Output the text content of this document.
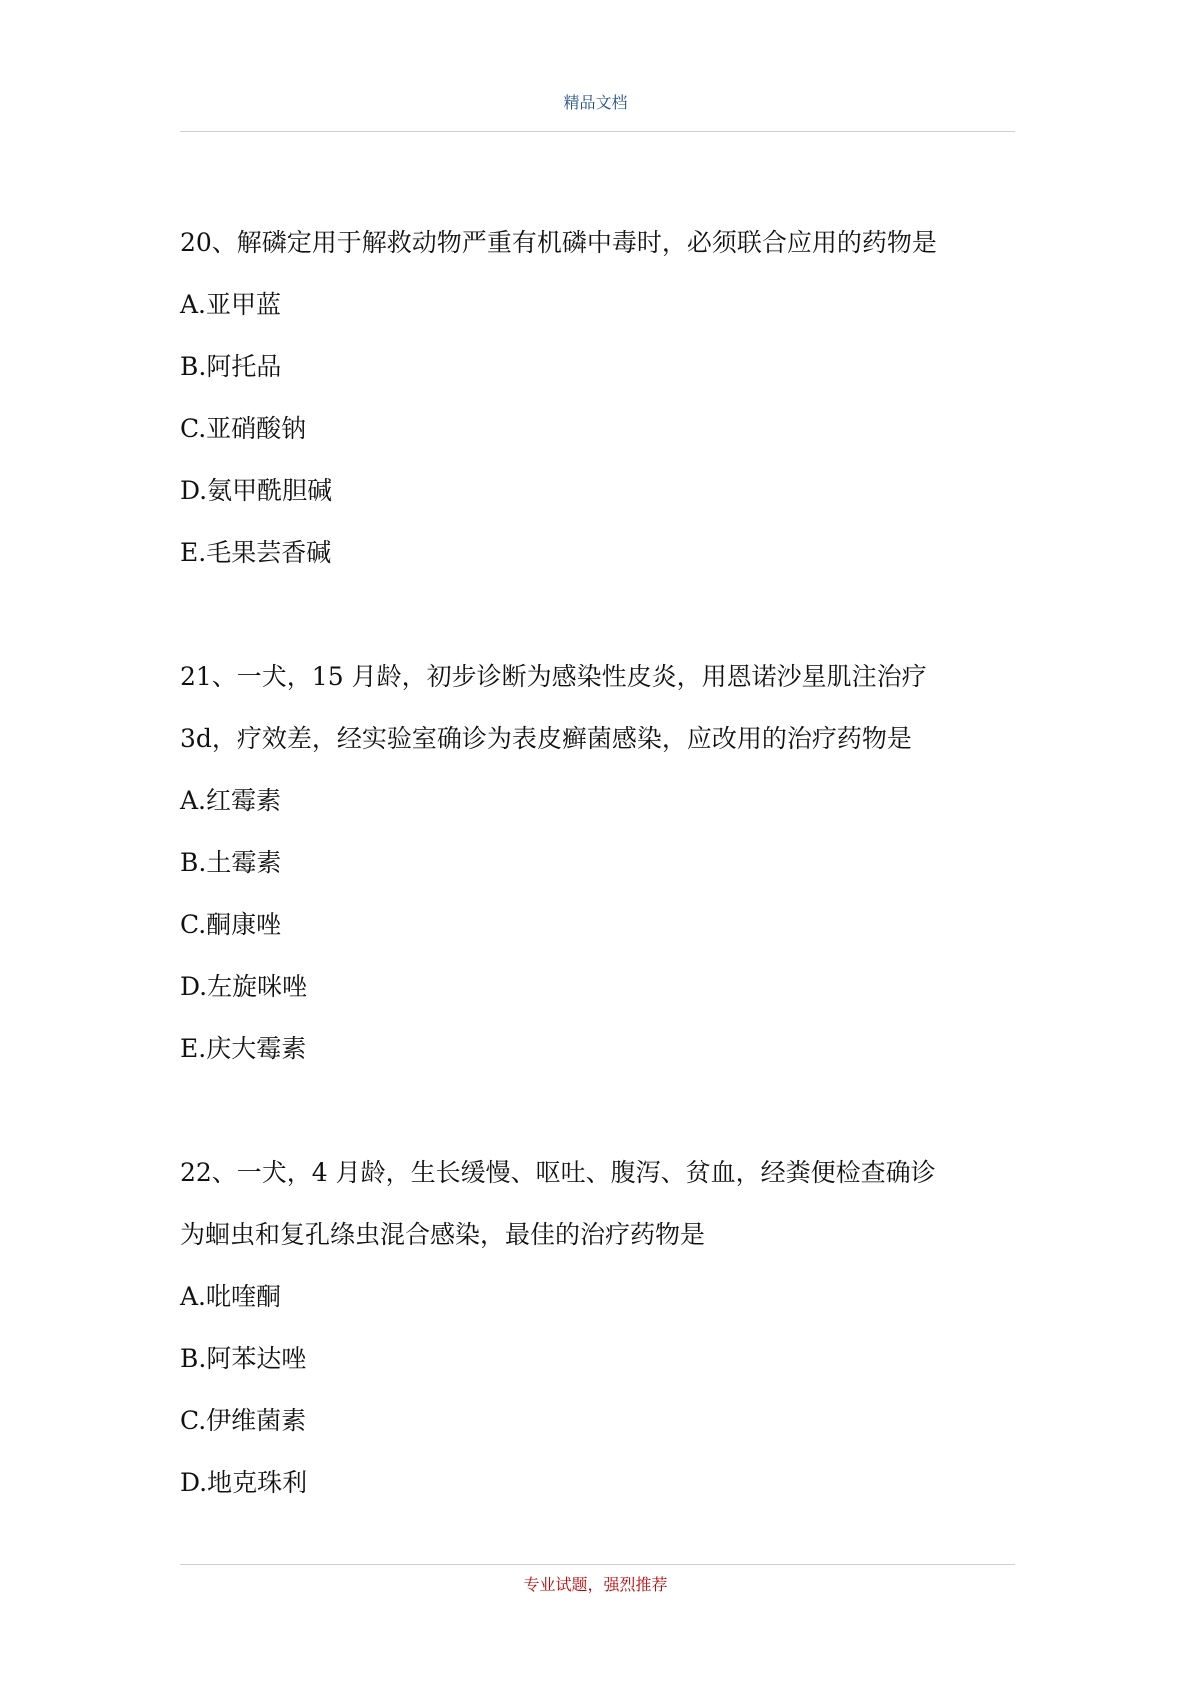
精品文档
20、解磷定用于解救动物严重有机磷中毒时，必须联合应用的药物是
A.亚甲蓝
B.阿托品
C.亚硝酸钠
D.氨甲酰胆碱
E.毛果芸香碱
21、一犬，15 月龄，初步诊断为感染性皮炎，用恩诺沙星肌注治疗
3d，疗效差，经实验室确诊为表皮癣菌感染，应改用的治疗药物是
A.红霉素
B.土霉素
C.酮康唑
D.左旋咪唑
E.庆大霉素
22、一犬，4 月龄，生长缓慢、呕吐、腹泻、贫血，经粪便检查确诊
为蛔虫和复孔绦虫混合感染，最佳的治疗药物是
A.吡喹酮
B.阿苯达唑
C.伊维菌素
D.地克珠利
专业试题，强烈推荐
